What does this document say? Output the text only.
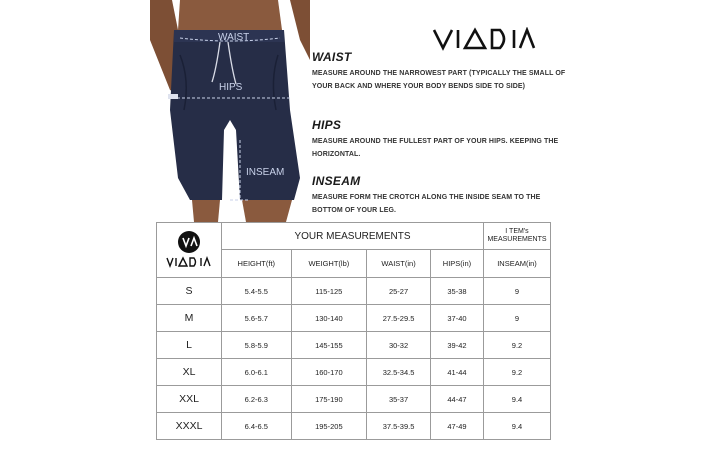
WAIST
HIPS
INSEAM

WAIST

MEASURE AROUND THE NARROWEST PART (TYPICALLY THE SMALL OF YOUR BACK AND WHERE YOUR BODY BENDS SIDE TO SIDE)

HIPS

MEASURE AROUND THE FULLEST PART OF YOUR HIPS. KEEPING THE HORIZONTAL.

INSEAM

MEASURE FORM THE CROTCH ALONG THE INSIDE SEAM TO THE BOTTOM OF YOUR LEG.

	YOUR MEASUREMENTS				I TEM's MEASUREMENTS
	HEIGHT(ft)	WEIGHT(lb)	WAIST(in)	HIPS(in)	INSEAM(in)
S	5.4-5.5	115-125	25-27	35-38	9
M	5.6-5.7	130-140	27.5-29.5	37-40	9
L	5.8-5.9	145-155	30-32	39-42	9.2
XL	6.0-6.1	160-170	32.5-34.5	41-44	9.2
XXL	6.2-6.3	175-190	35-37	44-47	9.4
XXXL	6.4-6.5	195-205	37.5-39.5	47-49	9.4
